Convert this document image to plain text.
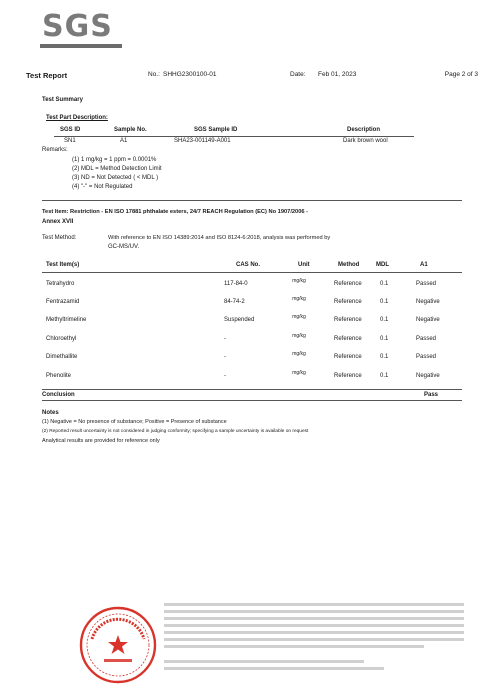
SGS
Test Report	No.: SHHG2300100-01	Date: Feb 01, 2023	Page 2 of 3
Test Summary
Test Part Description:
SGS ID	Sample No.	SGS Sample ID	Description
SN1	A1	SHA23-001149-A001	Dark brown wool
Remarks:
(1) 1 mg/kg = 1 ppm = 0.0001%
(2) MDL = Method Detection Limit
(3) ND = Not Detected ( < MDL )
(4) "-" = Not Regulated
Test Item: Restriction - EN ISO 17881 phthalate esters, 24/7 REACH Regulation (EC) No 1907/2006 -
Annex XVII
Test Method:	With reference to EN ISO 14389:2014 and ISO 8124-6:2018, analysis was performed by
GC-MS/UV.
Test Item(s)	CAS No.	Unit	Method	MDL	A1
Tetrahydro	117-84-0	mg/kg	Reference	0.1	Passed
Fentrazamid	84-74-2	mg/kg	Reference	0.1	Negative
Methyltrimeline	Suspended	mg/kg	Reference	0.1	Negative
Chloroethyl	-	mg/kg	Reference	0.1	Passed
Dimethallite	-	mg/kg	Reference	0.1	Passed
Phenolite	-	mg/kg	Reference	0.1	Negative
Conclusion	Pass
Notes
(1) Negative = No presence of substance; Positive = Presence of substance
(2) Reported result uncertainty is not considered in judging conformity; specifying a sample uncertainty is available on request
Analytical results are provided for reference only
